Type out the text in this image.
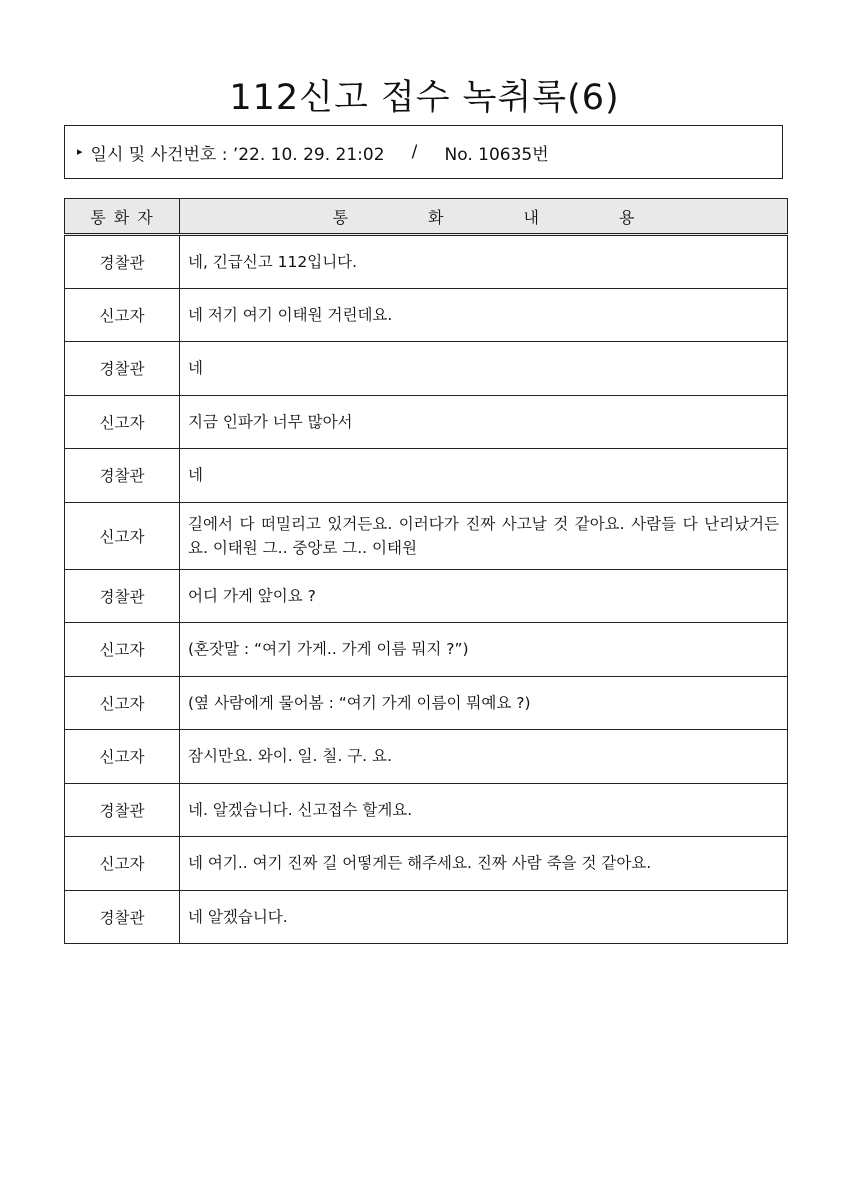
112신고 접수 녹취록(6)
▸ 일시 및 사건번호 : ’22. 10. 29. 21:02	/	No. 10635번
통화자	통 화 내 용
경찰관	네, 긴급신고 112입니다.
신고자	네 저기 여기 이태원 거린데요.
경찰관	네
신고자	지금 인파가 너무 많아서
경찰관	네
신고자	길에서 다 떠밀리고 있거든요. 이러다가 진짜 사고날 것 같아요. 사람들 다 난리났거든요. 이태원 그.. 중앙로 그.. 이태원
경찰관	어디 가게 앞이요 ?
신고자	(혼잣말 : “여기 가게.. 가게 이름 뭐지 ?”)
신고자	(옆 사람에게 물어봄 : “여기 가게 이름이 뭐예요 ?)
신고자	잠시만요. 와이. 일. 칠. 구. 요.
경찰관	네. 알겠습니다. 신고접수 할게요.
신고자	네 여기.. 여기 진짜 길 어떻게든 해주세요. 진짜 사람 죽을 것 같아요.
경찰관	네 알겠습니다.
